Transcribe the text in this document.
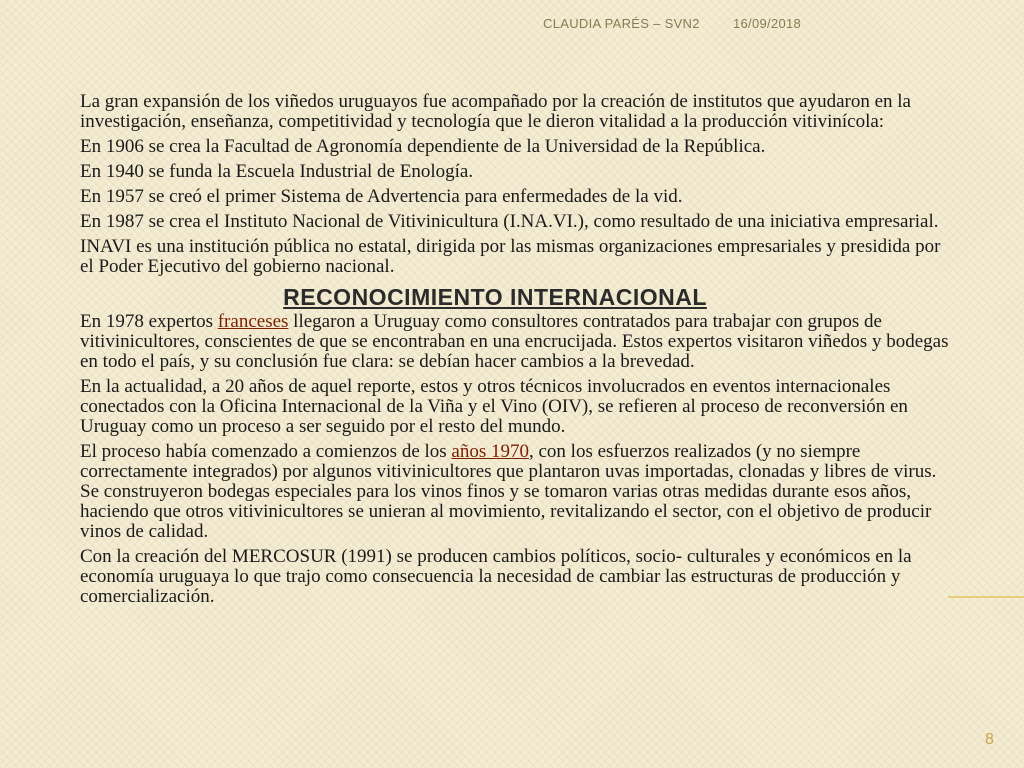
CLAUDIA PARÉS – SVN2	16/09/2018

La gran expansión de los viñedos uruguayos fue acompañado por la creación de institutos que ayudaron en la investigación, enseñanza, competitividad y tecnología que le dieron vitalidad a la producción vitivinícola:

En 1906 se crea la Facultad de Agronomía dependiente de la Universidad de la República.

En 1940 se funda la Escuela Industrial de Enología.

En 1957 se creó el primer Sistema de Advertencia para enfermedades de la vid.

En 1987 se crea el Instituto Nacional de Vitivinicultura (I.NA.VI.), como resultado de una iniciativa empresarial.

INAVI es una institución pública no estatal, dirigida por las mismas organizaciones empresariales y presidida por el Poder Ejecutivo del gobierno nacional.

RECONOCIMIENTO INTERNACIONAL

En 1978 expertos franceses llegaron a Uruguay como consultores contratados para trabajar con grupos de vitivinicultores, conscientes de que se encontraban en una encrucijada. Estos expertos visitaron viñedos y bodegas en todo el país, y su conclusión fue clara: se debían hacer cambios a la brevedad.

En la actualidad, a 20 años de aquel reporte, estos y otros técnicos involucrados en eventos internacionales conectados con la Oficina Internacional de la Viña y el Vino (OIV), se refieren al proceso de reconversión en Uruguay como un proceso a ser seguido por el resto del mundo.

El proceso había comenzado a comienzos de los años 1970, con los esfuerzos realizados (y no siempre correctamente integrados) por algunos vitivinicultores que plantaron uvas importadas, clonadas y libres de virus. Se construyeron bodegas especiales para los vinos finos y se tomaron varias otras medidas durante esos años, haciendo que otros vitivinicultores se unieran al movimiento, revitalizando el sector, con el objetivo de producir vinos de calidad.

Con la creación del MERCOSUR (1991) se producen cambios políticos, socio- culturales y económicos en la economía uruguaya lo que trajo como consecuencia la necesidad de cambiar las estructuras de producción y comercialización.

8
